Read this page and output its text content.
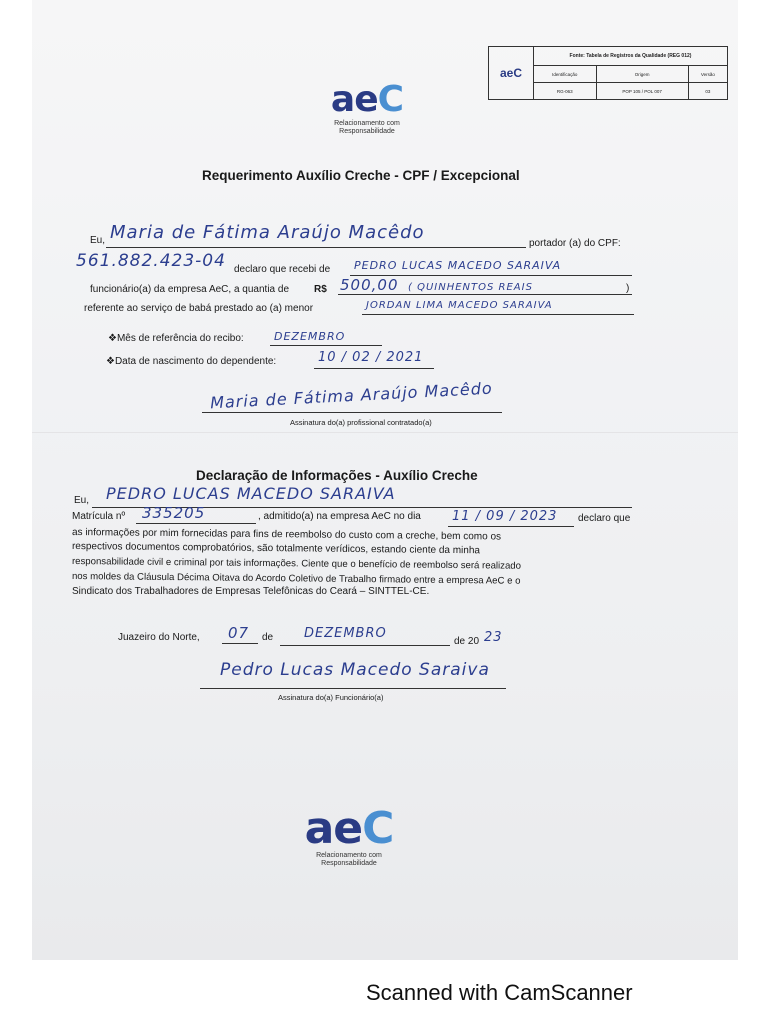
aeC	Fonte: Tabela de Registros da Qualidade (REG 012)		
	Identificação	Origem	Versão
	RG-063	POP 105 / POL 007	03
aeC
Relacionamento com
Responsabilidade
Requerimento Auxílio Creche - CPF / Excepcional
Eu, Maria de Fátima Araújo Macêdo
portador (a) do CPF:
561.882.423-04 declaro que recebi de PEDRO LUCAS MACEDO SARAIVA
funcionário(a) da empresa AeC, a quantia de R$ 500,00 ( QUINHENTOS REAIS	)
referente ao serviço de babá prestado ao (a) menor	JORDAN LIMA MACEDO SARAIVA
❖Mês de referência do recibo:	DEZEMBRO
❖Data de nascimento do dependente:	10 / 02 / 2021
Maria de Fátima Araújo Macêdo
Assinatura do(a) profissional contratado(a)
Declaração de Informações - Auxílio Creche
Eu, PEDRO LUCAS MACEDO SARAIVA
Matrícula nº 335205	, admitido(a) na empresa AeC no dia 11 / 09 / 2023 declaro que
as informações por mim fornecidas para fins de reembolso do custo com a creche, bem como os
respectivos documentos comprobatórios, são totalmente verídicos, estando ciente da minha
responsabilidade civil e criminal por tais informações. Ciente que o benefício de reembolso será realizado
nos moldes da Cláusula Décima Oitava do Acordo Coletivo de Trabalho firmado entre a empresa AeC e o
Sindicato dos Trabalhadores de Empresas Telefônicas do Ceará – SINTTEL-CE.
Juazeiro do Norte, 07 de DEZEMBRO
de 20 23
Pedro Lucas Macedo Saraiva
Assinatura do(a) Funcionário(a)
aeC
Relacionamento com
Responsabilidade
Scanned with CamScanner
